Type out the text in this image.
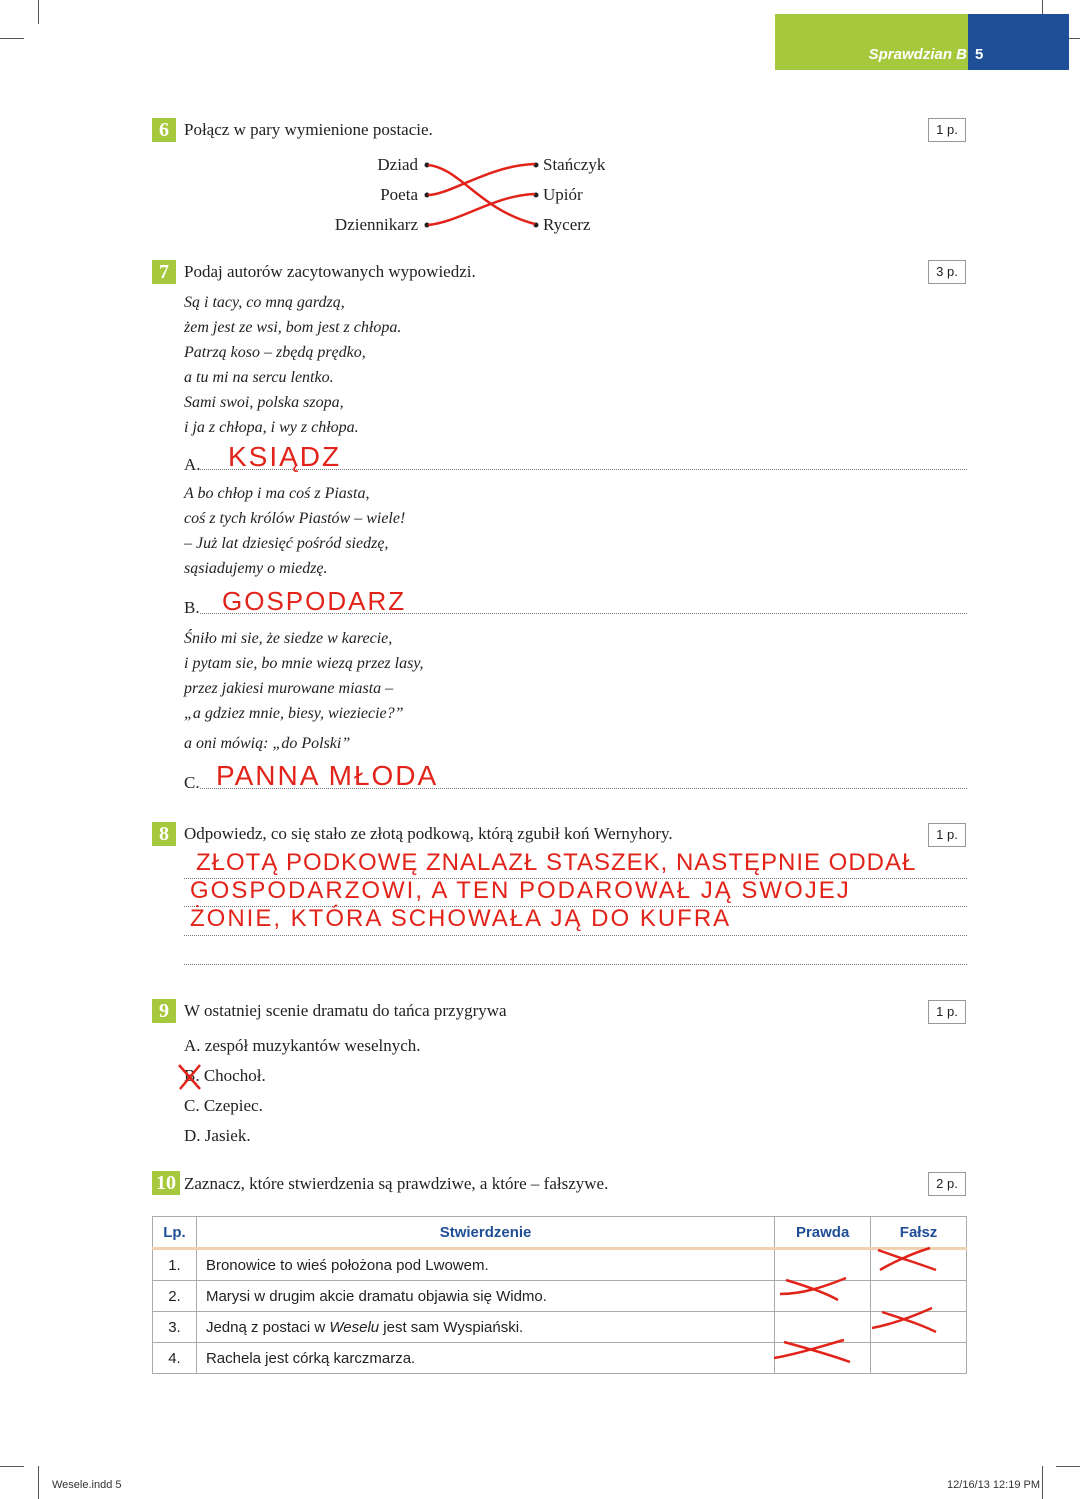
Sprawdzian B 5
6 Połącz w pary wymienione postacie.	1 p.
Dziad
Poeta
Dziennikarz
Stańczyk
Upiór
Rycerz
7 Podaj autorów zacytowanych wypowiedzi.	3 p.
Są i tacy, co mną gardzą,
żem jest ze wsi, bom jest z chłopa.
Patrzą koso – zbędą prędko,
a tu mi na sercu lentko.
Sami swoi, polska szopa,
i ja z chłopa, i wy z chłopa.
A. KSIĄDZ
A bo chłop i ma coś z Piasta,
coś z tych królów Piastów – wiele!
– Już lat dziesięć pośród siedzę,
sąsiadujemy o miedzę.
B. GOSPODARZ
Śniło mi sie, że siedze w karecie,
i pytam sie, bo mnie wiezą przez lasy,
przez jakiesi murowane miasta –
„a gdziez mnie, biesy, wieziecie?”
a oni mówią: „do Polski”
C. PANNA MŁODA
8 Odpowiedz, co się stało ze złotą podkową, którą zgubił koń Wernyhory.	1 p.
ZŁOTĄ PODKOWĘ ZNALAZŁ STASZEK, NASTĘPNIE ODDAŁ
GOSPODARZOWI, A TEN PODAROWAŁ JĄ SWOJEJ
ŻONIE, KTÓRA SCHOWAŁA JĄ DO KUFRA
9 W ostatniej scenie dramatu do tańca przygrywa	1 p.
A. zespół muzykantów weselnych.
B. Chochoł.
C. Czepiec.
D. Jasiek.
10 Zaznacz, które stwierdzenia są prawdziwe, a które – fałszywe.	2 p.
Lp.	Stwierdzenie	Prawda	Fałsz
1.	Bronowice to wieś położona pod Lwowem.		
2.	Marysi w drugim akcie dramatu objawia się Widmo.		
3.	Jedną z postaci w Weselu jest sam Wyspiański.		
4.	Rachela jest córką karczmarza.		
Wesele.indd 5	12/16/13 12:19 PM
